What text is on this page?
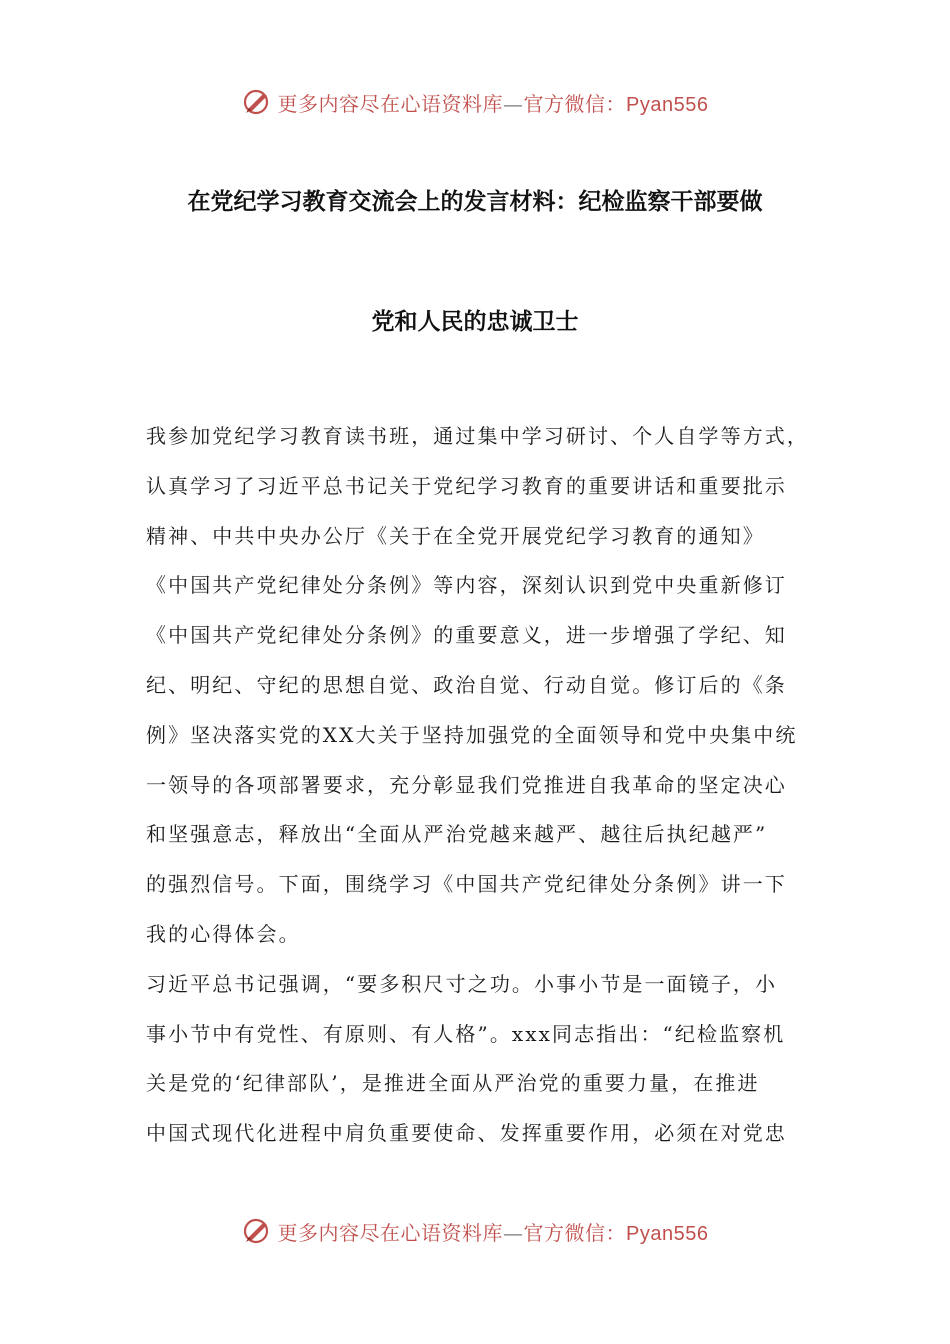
更多内容尽在心语资料库—官方微信：Pyan556
在党纪学习教育交流会上的发言材料：纪检监察干部要做
党和人民的忠诚卫士
我参加党纪学习教育读书班，通过集中学习研讨、个人自学等方式，
认真学习了习近平总书记关于党纪学习教育的重要讲话和重要批示
精神、中共中央办公厅《关于在全党开展党纪学习教育的通知》
《中国共产党纪律处分条例》等内容，深刻认识到党中央重新修订
《中国共产党纪律处分条例》的重要意义，进一步增强了学纪、知
纪、明纪、守纪的思想自觉、政治自觉、行动自觉。修订后的《条
例》坚决落实党的XX大关于坚持加强党的全面领导和党中央集中统
一领导的各项部署要求，充分彰显我们党推进自我革命的坚定决心
和坚强意志，释放出“全面从严治党越来越严、越往后执纪越严”
的强烈信号。下面，围绕学习《中国共产党纪律处分条例》讲一下
我的心得体会。
习近平总书记强调，“要多积尺寸之功。小事小节是一面镜子，小
事小节中有党性、有原则、有人格”。xxx同志指出：“纪检监察机
关是党的‘纪律部队’，是推进全面从严治党的重要力量，在推进
中国式现代化进程中肩负重要使命、发挥重要作用，必须在对党忠
更多内容尽在心语资料库—官方微信：Pyan556
